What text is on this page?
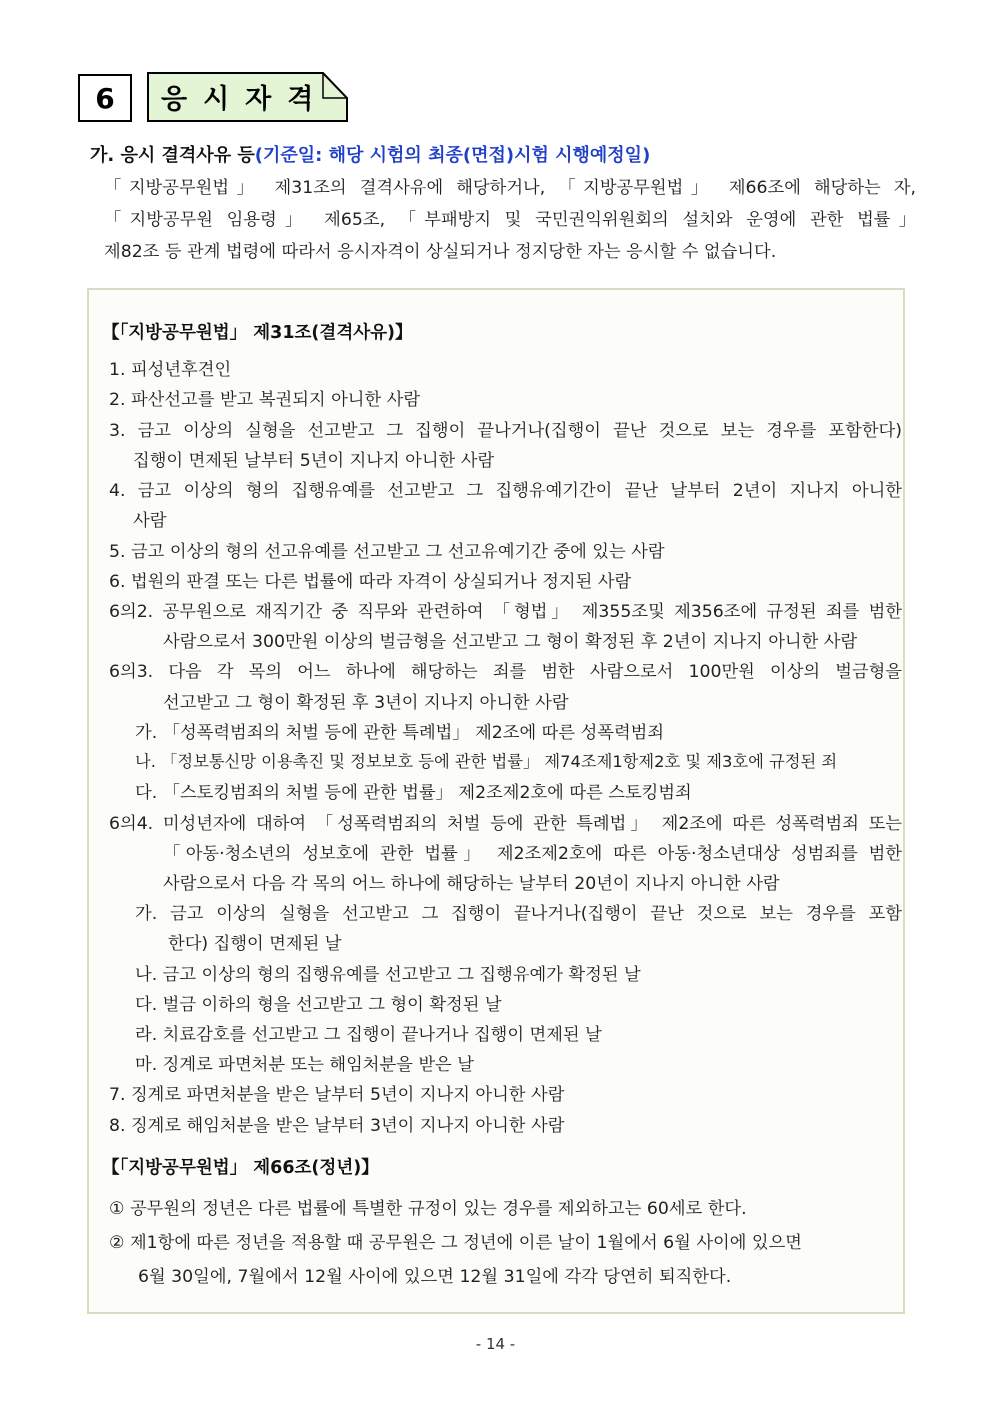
6	응시자격
가. 응시 결격사유 등(기준일: 해당 시험의 최종(면접)시험 시행예정일)
「지방공무원법」 제31조의 결격사유에 해당하거나, 「지방공무원법」 제66조에 해당하는 자,
「지방공무원 임용령」 제65조, 「부패방지 및 국민권익위원회의 설치와 운영에 관한 법률」
제82조 등 관계 법령에 따라서 응시자격이 상실되거나 정지당한 자는 응시할 수 없습니다.
【「지방공무원법」 제31조(결격사유)】
1. 피성년후견인
2. 파산선고를 받고 복권되지 아니한 사람
3. 금고 이상의 실형을 선고받고 그 집행이 끝나거나(집행이 끝난 것으로 보는 경우를 포함한다)
집행이 면제된 날부터 5년이 지나지 아니한 사람
4. 금고 이상의 형의 집행유예를 선고받고 그 집행유예기간이 끝난 날부터 2년이 지나지 아니한
사람
5. 금고 이상의 형의 선고유예를 선고받고 그 선고유예기간 중에 있는 사람
6. 법원의 판결 또는 다른 법률에 따라 자격이 상실되거나 정지된 사람
6의2. 공무원으로 재직기간 중 직무와 관련하여 「형법」 제355조및 제356조에 규정된 죄를 범한
사람으로서 300만원 이상의 벌금형을 선고받고 그 형이 확정된 후 2년이 지나지 아니한 사람
6의3. 다음 각 목의 어느 하나에 해당하는 죄를 범한 사람으로서 100만원 이상의 벌금형을
선고받고 그 형이 확정된 후 3년이 지나지 아니한 사람
가. 「성폭력범죄의 처벌 등에 관한 특례법」 제2조에 따른 성폭력범죄
나. 「정보통신망 이용촉진 및 정보보호 등에 관한 법률」 제74조제1항제2호 및 제3호에 규정된 죄
다. 「스토킹범죄의 처벌 등에 관한 법률」 제2조제2호에 따른 스토킹범죄
6의4. 미성년자에 대하여 「성폭력범죄의 처벌 등에 관한 특례법」 제2조에 따른 성폭력범죄 또는
「아동·청소년의 성보호에 관한 법률」 제2조제2호에 따른 아동·청소년대상 성범죄를 범한
사람으로서 다음 각 목의 어느 하나에 해당하는 날부터 20년이 지나지 아니한 사람
가. 금고 이상의 실형을 선고받고 그 집행이 끝나거나(집행이 끝난 것으로 보는 경우를 포함
한다) 집행이 면제된 날
나. 금고 이상의 형의 집행유예를 선고받고 그 집행유예가 확정된 날
다. 벌금 이하의 형을 선고받고 그 형이 확정된 날
라. 치료감호를 선고받고 그 집행이 끝나거나 집행이 면제된 날
마. 징계로 파면처분 또는 해임처분을 받은 날
7. 징계로 파면처분을 받은 날부터 5년이 지나지 아니한 사람
8. 징계로 해임처분을 받은 날부터 3년이 지나지 아니한 사람
【「지방공무원법」 제66조(정년)】
① 공무원의 정년은 다른 법률에 특별한 규정이 있는 경우를 제외하고는 60세로 한다.
② 제1항에 따른 정년을 적용할 때 공무원은 그 정년에 이른 날이 1월에서 6월 사이에 있으면
6월 30일에, 7월에서 12월 사이에 있으면 12월 31일에 각각 당연히 퇴직한다.
- 14 -
